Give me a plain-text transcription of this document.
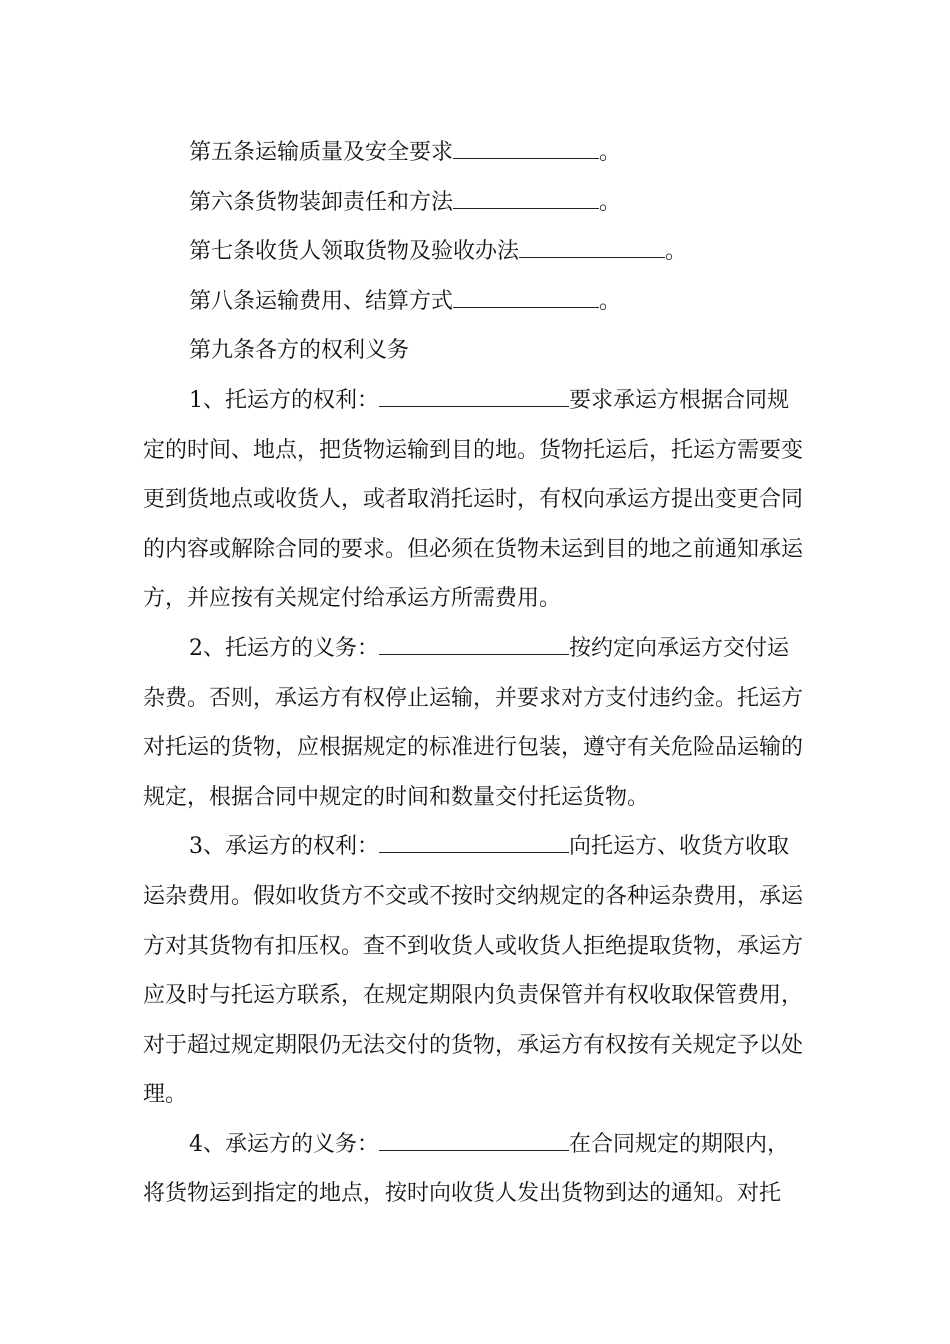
第五条运输质量及安全要求	。

第六条货物装卸责任和方法	。

第七条收货人领取货物及验收办法	。

第八条运输费用、结算方式	。

第九条各方的权利义务

1、托运方的权利：	要求承运方根据合同规定的时间、地点，把货物运输到目的地。货物托运后，托运方需要变更到货地点或收货人，或者取消托运时，有权向承运方提出变更合同的内容或解除合同的要求。但必须在货物未运到目的地之前通知承运方，并应按有关规定付给承运方所需费用。

2、托运方的义务：	按约定向承运方交付运杂费。否则，承运方有权停止运输，并要求对方支付违约金。托运方对托运的货物，应根据规定的标准进行包装，遵守有关危险品运输的规定，根据合同中规定的时间和数量交付托运货物。

3、承运方的权利：	向托运方、收货方收取运杂费用。假如收货方不交或不按时交纳规定的各种运杂费用，承运方对其货物有扣压权。查不到收货人或收货人拒绝提取货物，承运方应及时与托运方联系，在规定期限内负责保管并有权收取保管费用，对于超过规定期限仍无法交付的货物，承运方有权按有关规定予以处理。

4、承运方的义务：	在合同规定的期限内，将货物运到指定的地点，按时向收货人发出货物到达的通知。对托
